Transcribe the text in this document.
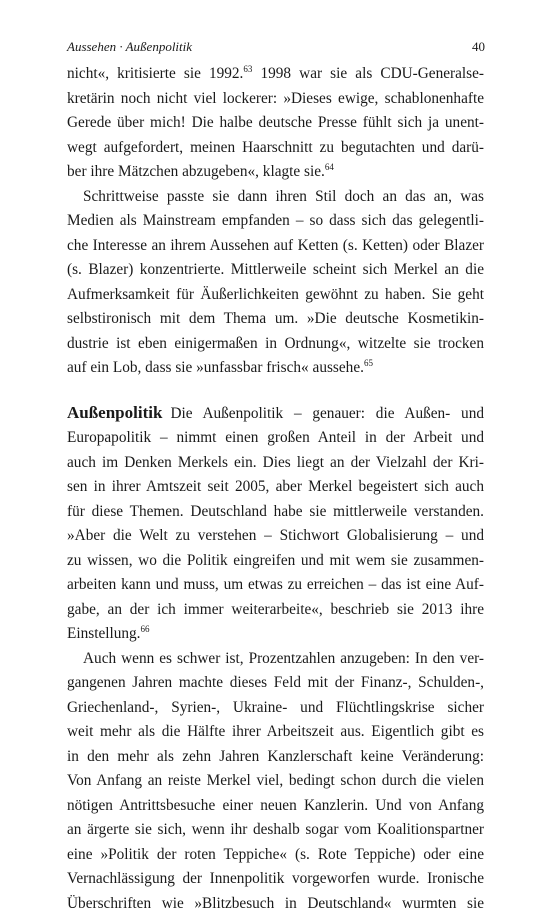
Aussehen · Außenpolitik	40
nicht«, kritisierte sie 1992.63 1998 war sie als CDU-Generalse-
kretärin noch nicht viel lockerer: »Dieses ewige, schablonenhafte
Gerede über mich! Die halbe deutsche Presse fühlt sich ja unent-
wegt aufgefordert, meinen Haarschnitt zu begutachten und darü-
ber ihre Mätzchen abzugeben«, klagte sie.$^{64}$
Schrittweise passte sie dann ihren Stil doch an das an, was
Medien als Mainstream empfanden – so dass sich das gelegentli-
che Interesse an ihrem Aussehen auf Ketten (s. Ketten) oder Blazer
(s. Blazer) konzentrierte. Mittlerweile scheint sich Merkel an die
Aufmerksamkeit für Äußerlichkeiten gewöhnt zu haben. Sie geht
selbstironisch mit dem Thema um. »Die deutsche Kosmetikin-
dustrie ist eben einigermaßen in Ordnung«, witzelte sie trocken
auf ein Lob, dass sie »unfassbar frisch« aussehe.$^{65}$
Außenpolitik Die Außenpolitik – genauer: die Außen- und
Europapolitik – nimmt einen großen Anteil in der Arbeit und
auch im Denken Merkels ein. Dies liegt an der Vielzahl der Kri-
sen in ihrer Amtszeit seit 2005, aber Merkel begeistert sich auch
für diese Themen. Deutschland habe sie mittlerweile verstanden.
»Aber die Welt zu verstehen – Stichwort Globalisierung – und
zu wissen, wo die Politik eingreifen und mit wem sie zusammen-
arbeiten kann und muss, um etwas zu erreichen – das ist eine Auf-
gabe, an der ich immer weiterarbeite«, beschrieb sie 2013 ihre
Einstellung.$^{66}$
Auch wenn es schwer ist, Prozentzahlen anzugeben: In den ver-
gangenen Jahren machte dieses Feld mit der Finanz-, Schulden-,
Griechenland-, Syrien-, Ukraine- und Flüchtlingskrise sicher
weit mehr als die Hälfte ihrer Arbeitszeit aus. Eigentlich gibt es
in den mehr als zehn Jahren Kanzlerschaft keine Veränderung:
Von Anfang an reiste Merkel viel, bedingt schon durch die vielen
nötigen Antrittsbesuche einer neuen Kanzlerin. Und von Anfang
an ärgerte sie sich, wenn ihr deshalb sogar vom Koalitionspartner
eine »Politik der roten Teppiche« (s. Rote Teppiche) oder eine
Vernachlässigung der Innenpolitik vorgeworfen wurde. Ironische
Überschriften wie »Blitzbesuch in Deutschland« wurmten sie
